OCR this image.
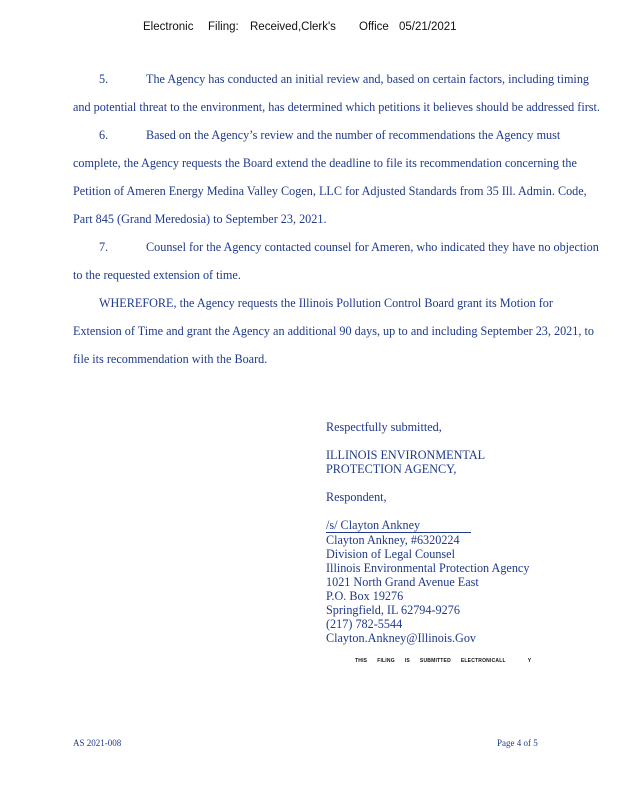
Electronic Filing: Received,Clerk's Office 05/21/2021

5.	The Agency has conducted an initial review and, based on certain factors, including timing and potential threat to the environment, has determined which petitions it believes should be addressed first.

6.	Based on the Agency’s review and the number of recommendations the Agency must complete, the Agency requests the Board extend the deadline to file its recommendation concerning the Petition of Ameren Energy Medina Valley Cogen, LLC for Adjusted Standards from 35 Ill. Admin. Code, Part 845 (Grand Meredosia) to September 23, 2021.

7.	Counsel for the Agency contacted counsel for Ameren, who indicated they have no objection to the requested extension of time.

WHEREFORE, the Agency requests the Illinois Pollution Control Board grant its Motion for Extension of Time and grant the Agency an additional 90 days, up to and including September 23, 2021, to file its recommendation with the Board.

Respectfully submitted,
ILLINOIS ENVIRONMENTAL
PROTECTION AGENCY,
Respondent,
/s/ Clayton Ankney
Clayton Ankney, #6320224
Division of Legal Counsel
Illinois Environmental Protection Agency
1021 North Grand Avenue East
P.O. Box 19276
Springfield, IL 62794-9276
(217) 782-5544
Clayton.Ankney@Illinois.Gov
THIS FILING IS SUBMITTED ELECTRONICALL	Y
AS 2021-008	Page 4 of 5
